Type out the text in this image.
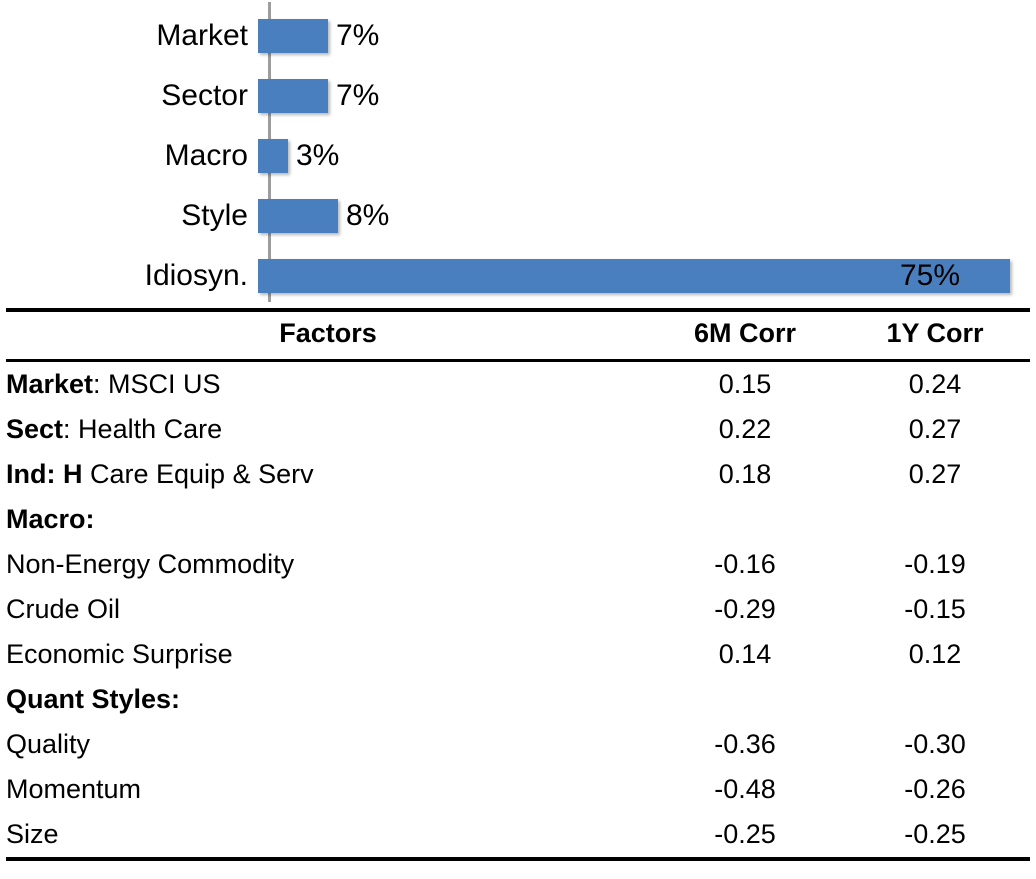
Market	7%
Sector	7%
Macro	3%
Style	8%
Idiosyn.	75%
Factors	6M Corr	1Y Corr
Market: MSCI US	0.15	0.24
Sect: Health Care	0.22	0.27
Ind: H Care Equip & Serv	0.18	0.27
Macro:		
Non-Energy Commodity	-0.16	-0.19
Crude Oil	-0.29	-0.15
Economic Surprise	0.14	0.12
Quant Styles:		
Quality	-0.36	-0.30
Momentum	-0.48	-0.26
Size	-0.25	-0.25
